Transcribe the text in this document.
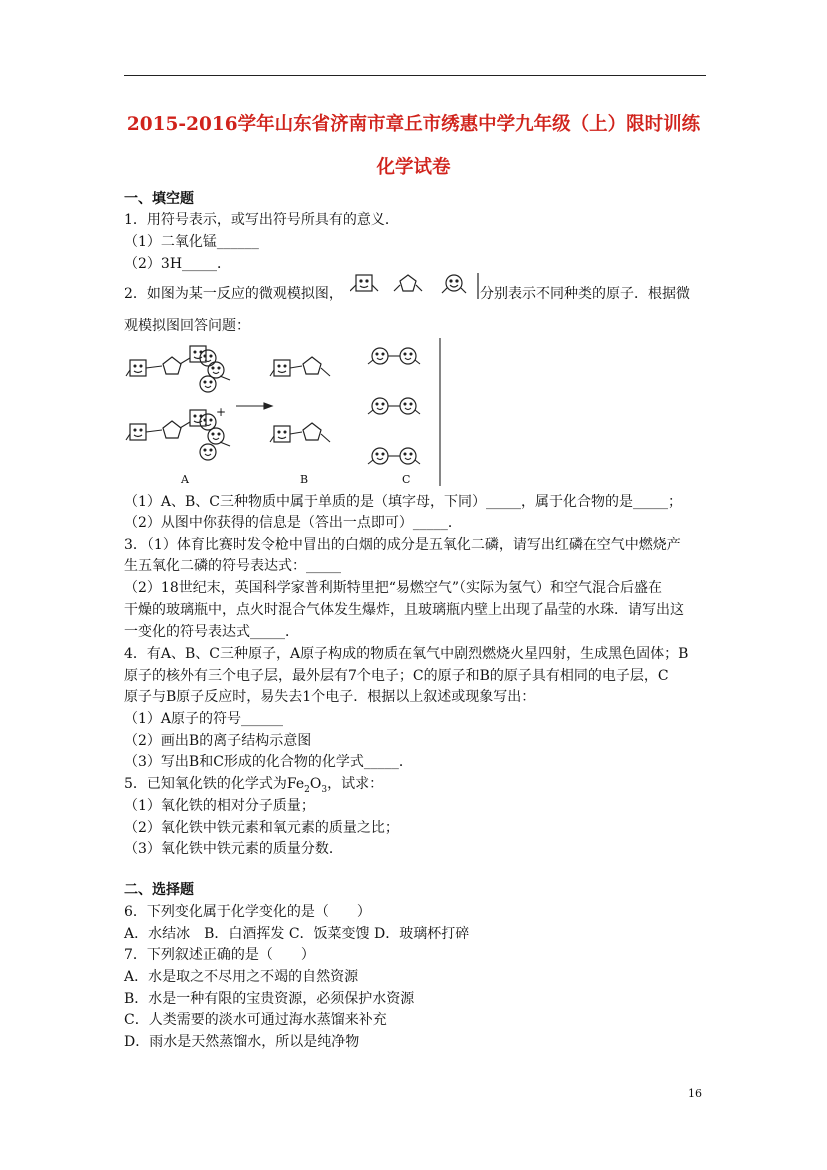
2015-2016学年山东省济南市章丘市绣惠中学九年级（上）限时训练
化学试卷
一、填空题
1．用符号表示，或写出符号所具有的意义．
（1）二氧化锰______
（2）3H_____．
2．如图为某一反应的微观模拟图，	分别表示不同种类的原子．根据微
观模拟图回答问题：
+
A	B	C
（1）A、B、C三种物质中属于单质的是（填字母，下同）_____，属于化合物的是_____；
（2）从图中你获得的信息是（答出一点即可）_____．
3．（1）体育比赛时发令枪中冒出的白烟的成分是五氧化二磷，请写出红磷在空气中燃烧产
生五氧化二磷的符号表达式：_____
（2）18世纪末，英国科学家普利斯特里把“易燃空气”（实际为氢气）和空气混合后盛在
干燥的玻璃瓶中，点火时混合气体发生爆炸，且玻璃瓶内壁上出现了晶莹的水珠．请写出这
一变化的符号表达式_____．
4．有A、B、C三种原子，A原子构成的物质在氧气中剧烈燃烧火星四射，生成黑色固体；B
原子的核外有三个电子层，最外层有7个电子；C的原子和B的原子具有相同的电子层，C
原子与B原子反应时，易失去1个电子．根据以上叙述或现象写出：
（1）A原子的符号______
（2）画出B的离子结构示意图
（3）写出B和C形成的化合物的化学式_____．
5．已知氧化铁的化学式为$Fe_2O_3$，试求：
（1）氧化铁的相对分子质量；
（2）氧化铁中铁元素和氧元素的质量之比；
（3）氧化铁中铁元素的质量分数．
二、选择题
6．下列变化属于化学变化的是（　　）
A．水结冰　B．白酒挥发 C．饭菜变馊 D．玻璃杯打碎
7．下列叙述正确的是（　　）
A．水是取之不尽用之不竭的自然资源
B．水是一种有限的宝贵资源，必须保护水资源
C．人类需要的淡水可通过海水蒸馏来补充
D．雨水是天然蒸馏水，所以是纯净物
16
